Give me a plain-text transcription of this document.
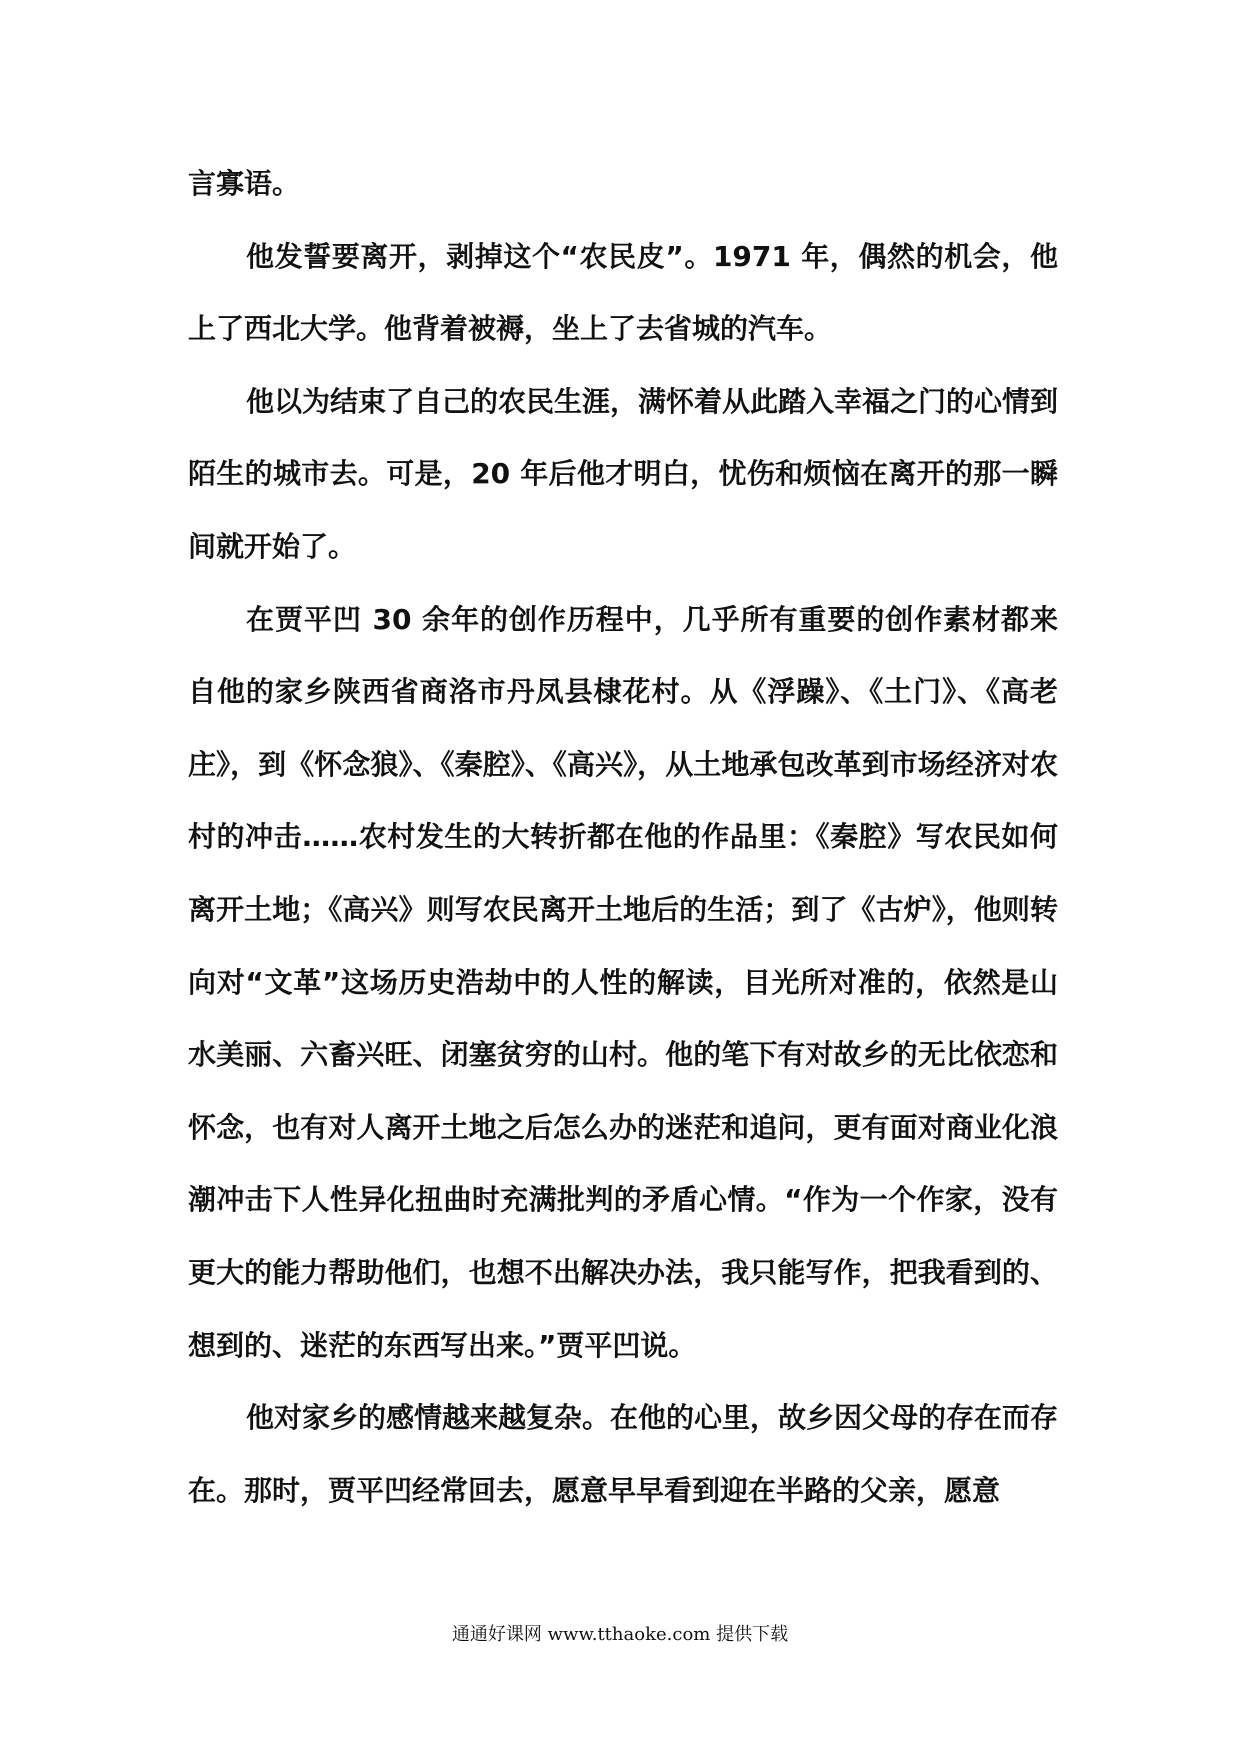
言寡语。

他发誓要离开，剥掉这个“农民皮”。1971 年，偶然的机会，他上了西北大学。他背着被褥，坐上了去省城的汽车。

他以为结束了自己的农民生涯，满怀着从此踏入幸福之门的心情到陌生的城市去。可是，20 年后他才明白，忧伤和烦恼在离开的那一瞬间就开始了。

在贾平凹 30 余年的创作历程中，几乎所有重要的创作素材都来自他的家乡陕西省商洛市丹凤县棣花村。从《浮躁》、《土门》、《高老庄》，到《怀念狼》、《秦腔》、《高兴》，从土地承包改革到市场经济对农村的冲击……农村发生的大转折都在他的作品里：《秦腔》写农民如何离开土地；《高兴》则写农民离开土地后的生活；到了《古炉》，他则转向对“文革”这场历史浩劫中的人性的解读，目光所对准的，依然是山水美丽、六畜兴旺、闭塞贫穷的山村。他的笔下有对故乡的无比依恋和怀念，也有对人离开土地之后怎么办的迷茫和追问，更有面对商业化浪潮冲击下人性异化扭曲时充满批判的矛盾心情。“作为一个作家，没有更大的能力帮助他们，也想不出解决办法，我只能写作，把我看到的、想到的、迷茫的东西写出来。”贾平凹说。

他对家乡的感情越来越复杂。在他的心里，故乡因父母的存在而存在。那时，贾平凹经常回去，愿意早早看到迎在半路的父亲，愿意

通通好课网 www.tthaoke.com 提供下载
